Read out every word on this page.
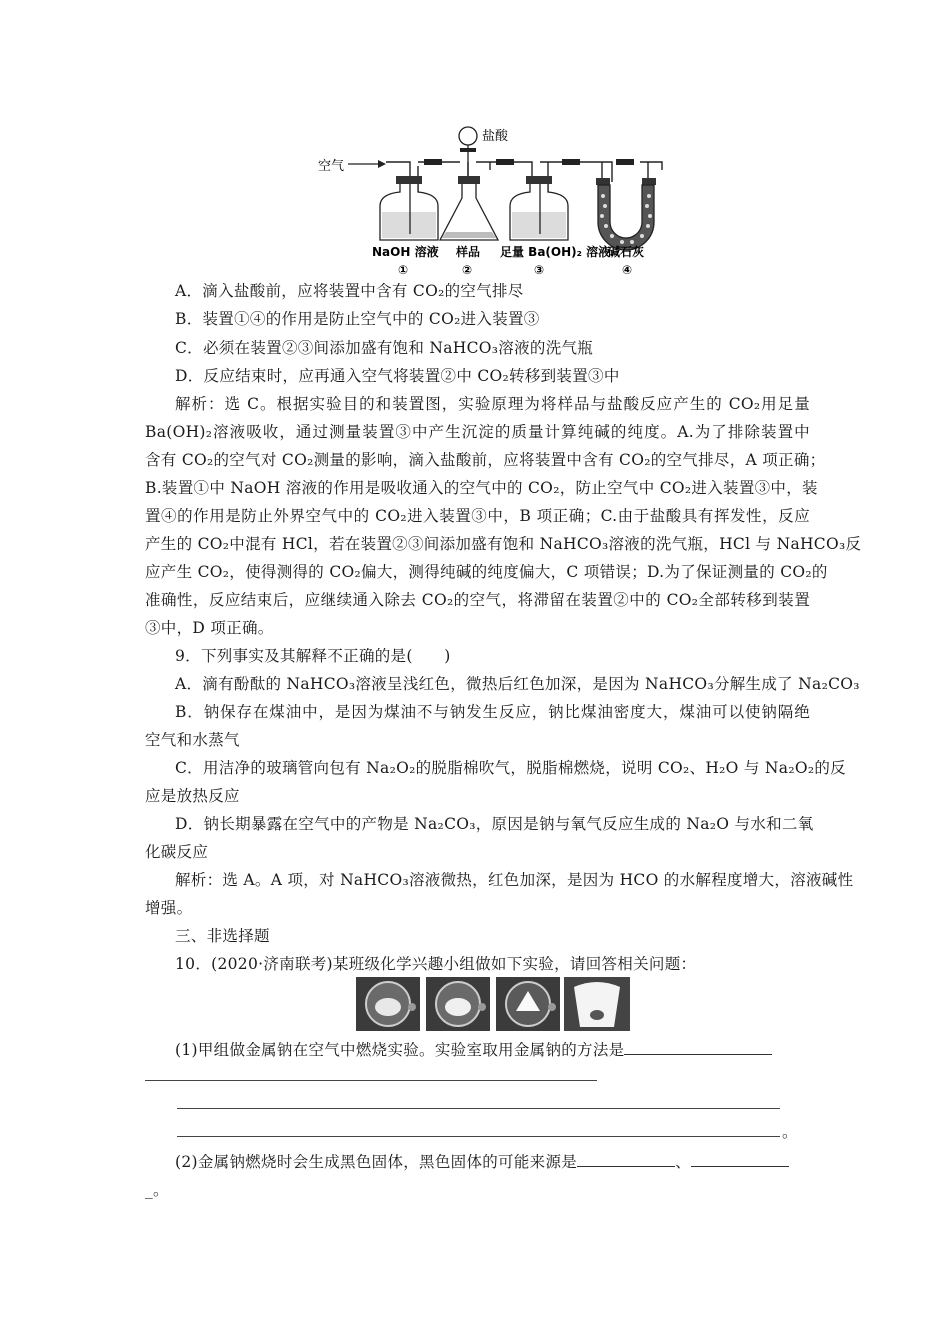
空气
盐酸
NaOH 溶液 样品 足量 Ba(OH)₂ 溶液
碱石灰
①	②	③	④
A．滴入盐酸前，应将装置中含有 CO₂的空气排尽
B．装置①④的作用是防止空气中的 CO₂进入装置③
C．必须在装置②③间添加盛有饱和 NaHCO₃溶液的洗气瓶
D．反应结束时，应再通入空气将装置②中 CO₂转移到装置③中
解析：选 C。根据实验目的和装置图，实验原理为将样品与盐酸反应产生的 CO₂用足量
Ba(OH)₂溶液吸收，通过测量装置③中产生沉淀的质量计算纯碱的纯度。A.为了排除装置中
含有 CO₂的空气对 CO₂测量的影响，滴入盐酸前，应将装置中含有 CO₂的空气排尽，A 项正确；
B.装置①中 NaOH 溶液的作用是吸收通入的空气中的 CO₂，防止空气中 CO₂进入装置③中，装
置④的作用是防止外界空气中的 CO₂进入装置③中，B 项正确；C.由于盐酸具有挥发性，反应
产生的 CO₂中混有 HCl，若在装置②③间添加盛有饱和 NaHCO₃溶液的洗气瓶，HCl 与 NaHCO₃反
应产生 CO₂，使得测得的 CO₂偏大，测得纯碱的纯度偏大，C 项错误；D.为了保证测量的 CO₂的
准确性，反应结束后，应继续通入除去 CO₂的空气，将滞留在装置②中的 CO₂全部转移到装置
③中，D 项正确。
9．下列事实及其解释不正确的是(　　)
A．滴有酚酞的 NaHCO₃溶液呈浅红色，微热后红色加深，是因为 NaHCO₃分解生成了 Na₂CO₃
B．钠保存在煤油中，是因为煤油不与钠发生反应，钠比煤油密度大，煤油可以使钠隔绝
空气和水蒸气
C．用洁净的玻璃管向包有 Na₂O₂的脱脂棉吹气，脱脂棉燃烧，说明 CO₂、H₂O 与 Na₂O₂的反
应是放热反应
D．钠长期暴露在空气中的产物是 Na₂CO₃，原因是钠与氧气反应生成的 Na₂O 与水和二氧
化碳反应
解析：选 A。A 项，对 NaHCO₃溶液微热，红色加深，是因为 HCO 的水解程度增大，溶液碱性
增强。
三、非选择题
10．(2020·济南联考)某班级化学兴趣小组做如下实验，请回答相关问题：
(1)甲组做金属钠在空气中燃烧实验。实验室取用金属钠的方法是
。
(2)金属钠燃烧时会生成黑色固体，黑色固体的可能来源是	、
_。
